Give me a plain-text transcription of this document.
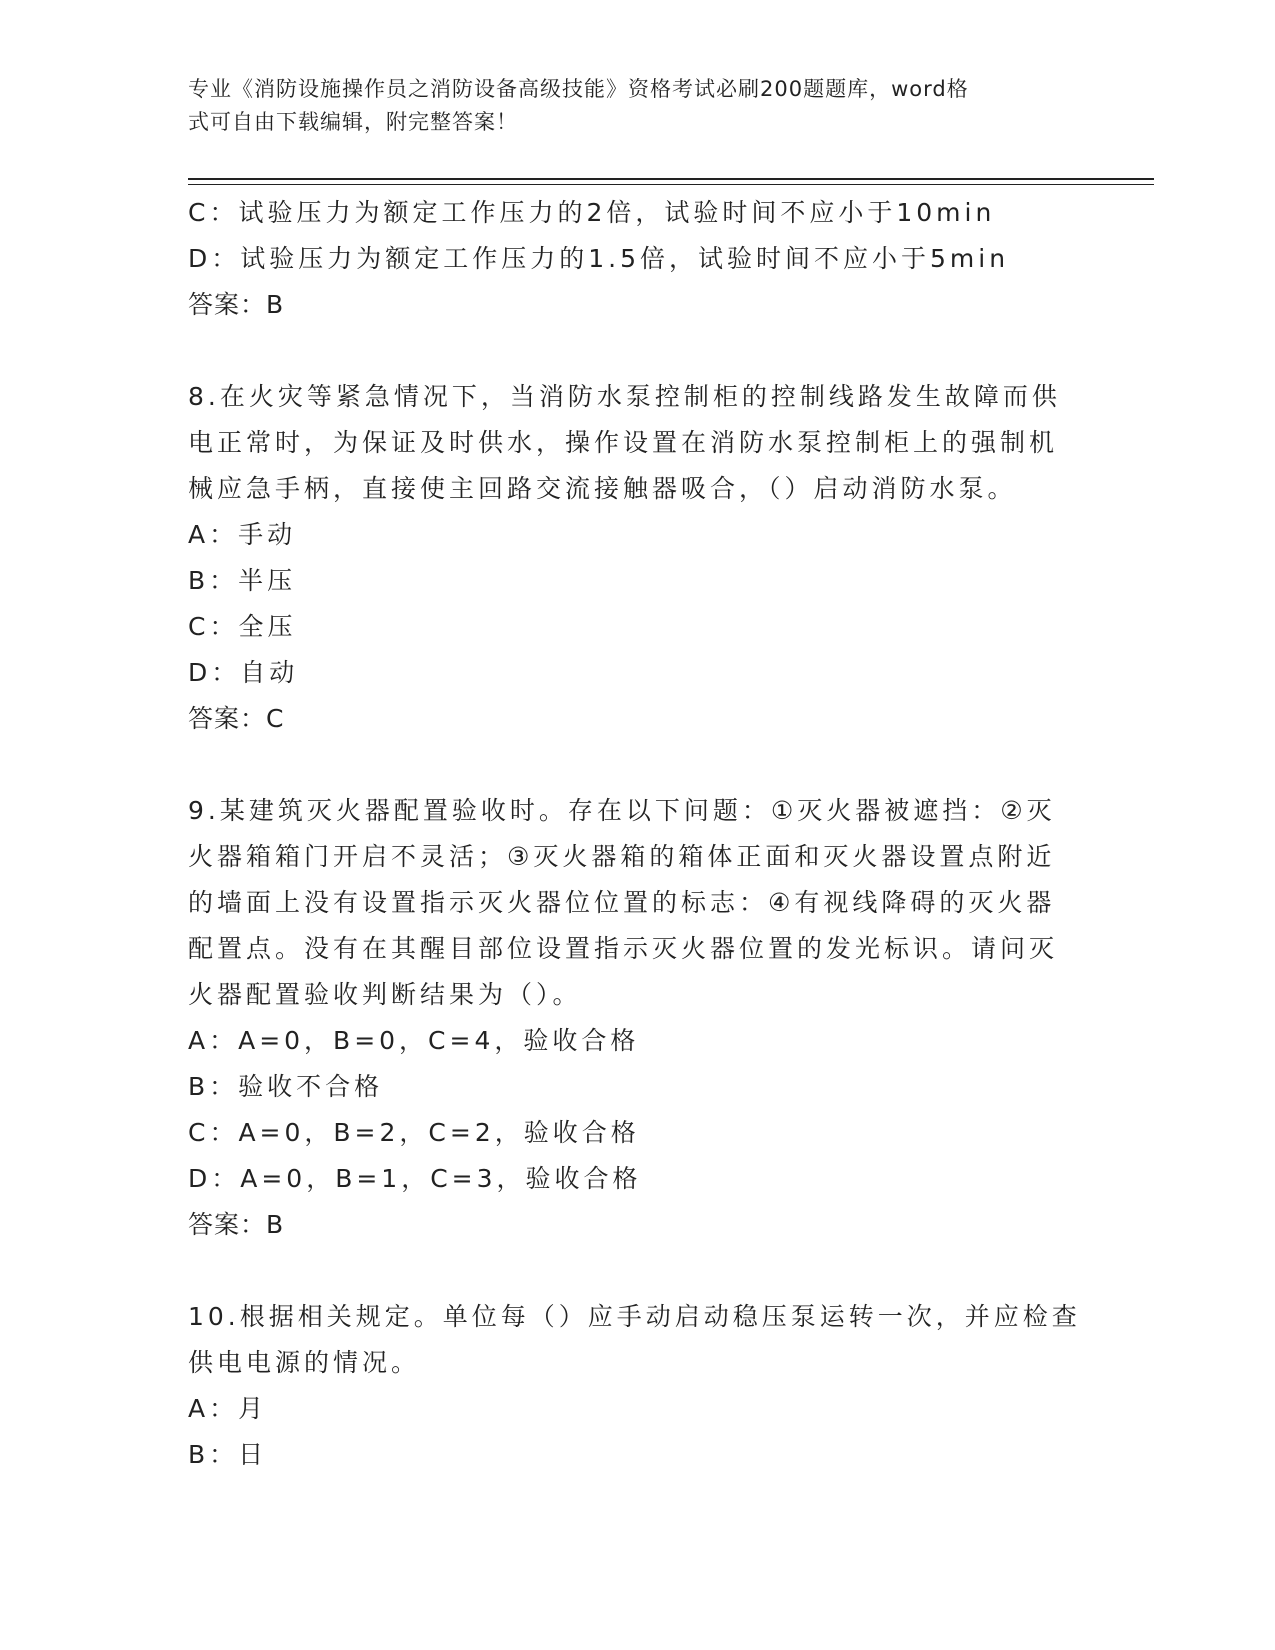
专业《消防设施操作员之消防设备高级技能》资格考试必刷200题题库，word格
式可自由下载编辑，附完整答案！
C：试验压力为额定工作压力的2倍，试验时间不应小于10min
D：试验压力为额定工作压力的1.5倍，试验时间不应小于5min
答案：B
8.在火灾等紧急情况下，当消防水泵控制柜的控制线路发生故障而供
电正常时，为保证及时供水，操作设置在消防水泵控制柜上的强制机
械应急手柄，直接使主回路交流接触器吸合，（）启动消防水泵。
A：手动
B：半压
C：全压
D：自动
答案：C
9.某建筑灭火器配置验收时。存在以下问题：①灭火器被遮挡：②灭
火器箱箱门开启不灵活；③灭火器箱的箱体正面和灭火器设置点附近
的墙面上没有设置指示灭火器位位置的标志：④有视线降碍的灭火器
配置点。没有在其醒目部位设置指示灭火器位置的发光标识。请问灭
火器配置验收判断结果为（）。
A：A=0，B=0，C=4，验收合格
B：验收不合格
C：A=0，B=2，C=2，验收合格
D：A=0，B=1，C=3，验收合格
答案：B
10.根据相关规定。单位每（）应手动启动稳压泵运转一次，并应检查
供电电源的情况。
A：月
B：日
